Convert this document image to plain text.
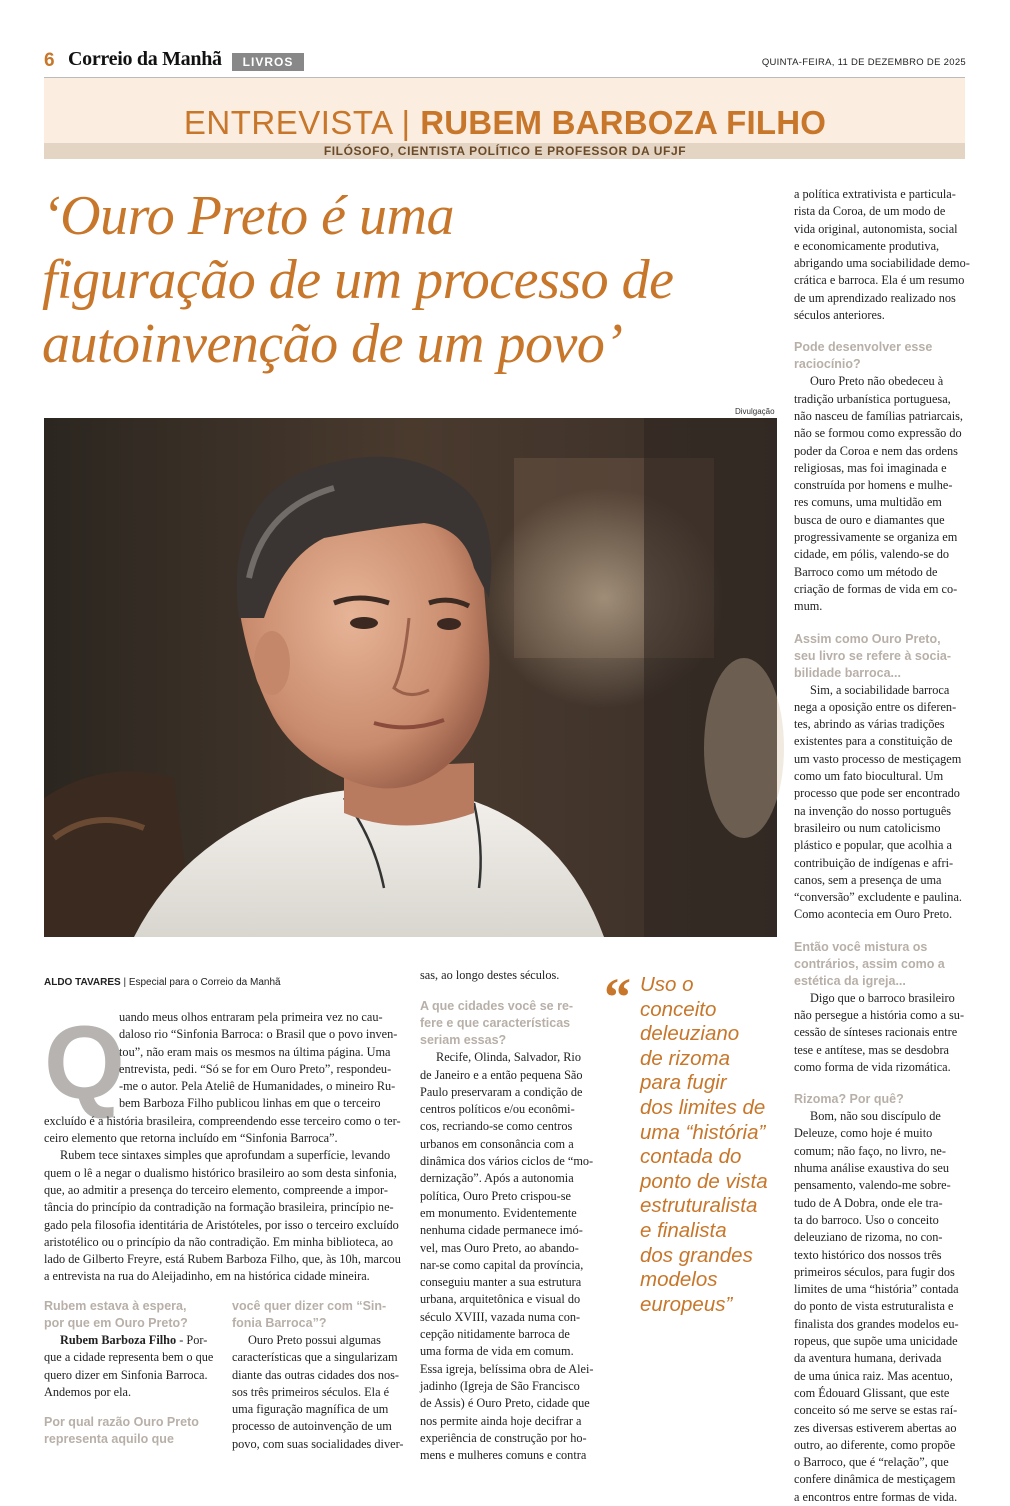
6 Correio da Manhã	LIVROS	QUINTA-FEIRA, 11 DE DEZEMBRO DE 2025
ENTREVISTA | RUBEM BARBOZA FILHO
FILÓSOFO, CIENTISTA POLÍTICO E PROFESSOR DA UFJF
‘Ouro Preto é uma
figuração de um processo de
autoinvenção de um povo’
Divulgação
ALDO TAVARES | Especial para o Correio da Manhã
Q
uando meus olhos entraram pela primeira vez no cau-
daloso rio “Sinfonia Barroca: o Brasil que o povo inven-
tou”, não eram mais os mesmos na última página. Uma
entrevista, pedi. “Só se for em Ouro Preto”, respondeu-
-me o autor. Pela Ateliê de Humanidades, o mineiro Ru-
bem Barboza Filho publicou linhas em que o terceiro
excluído é a história brasileira, compreendendo esse terceiro como o ter-
ceiro elemento que retorna incluído em “Sinfonia Barroca”.
Rubem tece sintaxes simples que aprofundam a superfície, levando
quem o lê a negar o dualismo histórico brasileiro ao som desta sinfonia,
que, ao admitir a presença do terceiro elemento, compreende a impor-
tância do princípio da contradição na formação brasileira, princípio ne-
gado pela filosofia identitária de Aristóteles, por isso o terceiro excluído
aristotélico ou o princípio da não contradição. Em minha biblioteca, ao
lado de Gilberto Freyre, está Rubem Barboza Filho, que, às 10h, marcou
a entrevista na rua do Aleijadinho, em na histórica cidade mineira.
Rubem estava à espera,
por que em Ouro Preto?
Rubem Barboza Filho - Por-
que a cidade representa bem o que
quero dizer em Sinfonia Barroca.
Andemos por ela.
Por qual razão Ouro Preto
representa aquilo que
você quer dizer com “Sin-
fonia Barroca”?
Ouro Preto possui algumas
características que a singularizam
diante das outras cidades dos nos-
sos três primeiros séculos. Ela é
uma figuração magnífica de um
processo de autoinvenção de um
povo, com suas socialidades diver-
sas, ao longo destes séculos.
A que cidades você se re-
fere e que características
seriam essas?
Recife, Olinda, Salvador, Rio
de Janeiro e a então pequena São
Paulo preservaram a condição de
centros políticos e/ou econômi-
cos, recriando-se como centros
urbanos em consonância com a
dinâmica dos vários ciclos de “mo-
dernização”. Após a autonomia
política, Ouro Preto crispou-se
em monumento. Evidentemente
nenhuma cidade permanece imó-
vel, mas Ouro Preto, ao abando-
nar-se como capital da província,
conseguiu manter a sua estrutura
urbana, arquitetônica e visual do
século XVIII, vazada numa con-
cepção nitidamente barroca de
uma forma de vida em comum.
Essa igreja, belíssima obra de Alei-
jadinho (Igreja de São Francisco
de Assis) é Ouro Preto, cidade que
nos permite ainda hoje decifrar a
experiência de construção por ho-
mens e mulheres comuns e contra
“ Uso o
conceito
deleuziano
de rizoma
para fugir
dos limites de
uma “história”
contada do
ponto de vista
estruturalista
e finalista
dos grandes
modelos
europeus”
a política extrativista e particula-
rista da Coroa, de um modo de
vida original, autonomista, social
e economicamente produtiva,
abrigando uma sociabilidade demo-
crática e barroca. Ela é um resumo
de um aprendizado realizado nos
séculos anteriores.
Pode desenvolver esse
raciocínio?
Ouro Preto não obedeceu à
tradição urbanística portuguesa,
não nasceu de famílias patriarcais,
não se formou como expressão do
poder da Coroa e nem das ordens
religiosas, mas foi imaginada e
construída por homens e mulhe-
res comuns, uma multidão em
busca de ouro e diamantes que
progressivamente se organiza em
cidade, em pólis, valendo-se do
Barroco como um método de
criação de formas de vida em co-
mum.
Assim como Ouro Preto,
seu livro se refere à socia-
bilidade barroca...
Sim, a sociabilidade barroca
nega a oposição entre os diferen-
tes, abrindo as várias tradições
existentes para a constituição de
um vasto processo de mestiçagem
como um fato biocultural. Um
processo que pode ser encontrado
na invenção do nosso português
brasileiro ou num catolicismo
plástico e popular, que acolhia a
contribuição de indígenas e afri-
canos, sem a presença de uma
“conversão” excludente e paulina.
Como acontecia em Ouro Preto.
Então você mistura os
contrários, assim como a
estética da igreja...
Digo que o barroco brasileiro
não persegue a história como a su-
cessão de sínteses racionais entre
tese e antítese, mas se desdobra
como forma de vida rizomática.
Rizoma? Por quê?
Bom, não sou discípulo de
Deleuze, como hoje é muito
comum; não faço, no livro, ne-
nhuma análise exaustiva do seu
pensamento, valendo-me sobre-
tudo de A Dobra, onde ele tra-
ta do barroco. Uso o conceito
deleuziano de rizoma, no con-
texto histórico dos nossos três
primeiros séculos, para fugir dos
limites de uma “história” contada
do ponto de vista estruturalista e
finalista dos grandes modelos eu-
ropeus, que supõe uma unicidade
da aventura humana, derivada
de uma única raiz. Mas acentuo,
com Édouard Glissant, que este
conceito só me serve se estas raí-
zes diversas estiverem abertas ao
outro, ao diferente, como propõe
o Barroco, que é “relação”, que
confere dinâmica de mestiçagem
a encontros entre formas de vida.
